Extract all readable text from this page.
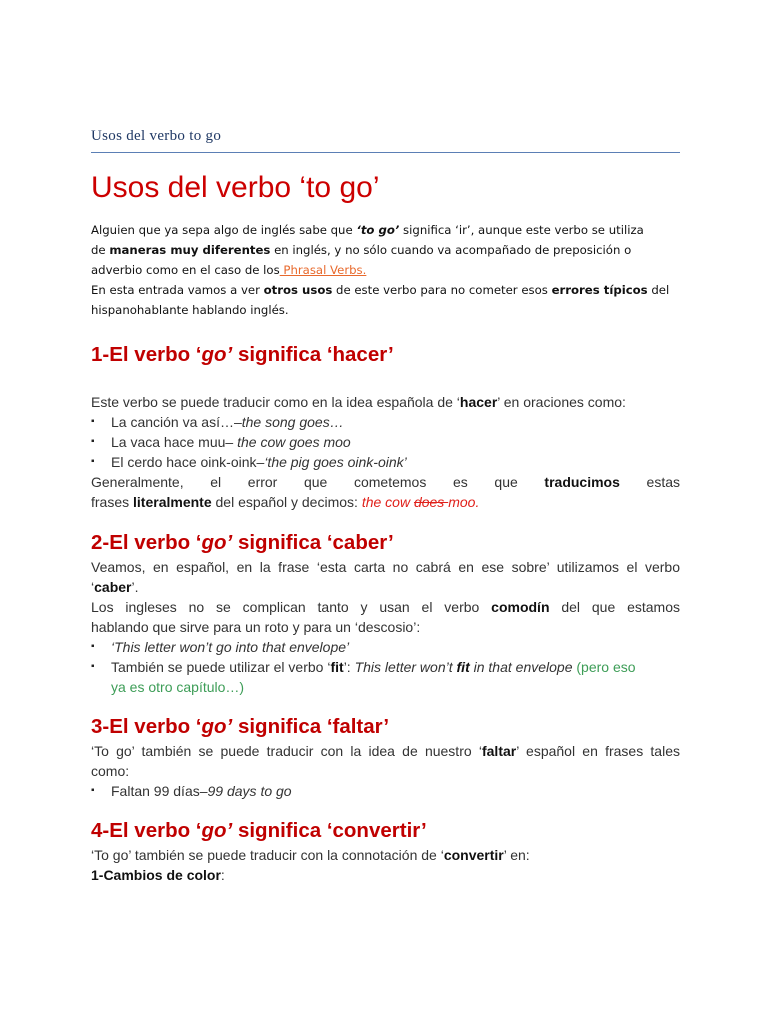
Usos del verbo to go
Usos del verbo ‘to go’
Alguien que ya sepa algo de inglés sabe que ‘to go’ significa ‘ir’, aunque este verbo se utiliza
de maneras muy diferentes en inglés, y no sólo cuando va acompañado de preposición o
adverbio como en el caso de los Phrasal Verbs.
En esta entrada vamos a ver otros usos de este verbo para no cometer esos errores típicos del
hispanohablante hablando inglés.
1-El verbo ‘go’ significa ‘hacer’

Este verbo se puede traducir como en la idea española de ‘hacer’ en oraciones como:

▪ La canción va así…–the song goes…
▪ La vaca hace muu– the cow goes moo
▪ El cerdo hace oink-oink–‘the pig goes oink-oink’

Generalmente, el error que cometemos es que traducimos estas

frases literalmente del español y decimos: the cow does moo.

2-El verbo ‘go’ significa ‘caber’

Veamos, en español, en la frase ‘esta carta no cabrá en ese sobre’ utilizamos el verbo

‘caber’.

Los ingleses no se complican tanto y usan el verbo comodín del que estamos

hablando que sirve para un roto y para un ‘descosio’:

▪ ‘This letter won’t go into that envelope’
▪ También se puede utilizar el verbo ‘fit’: This letter won’t fit in that envelope (pero eso
ya es otro capítulo…)
3-El verbo ‘go’ significa ‘faltar’

‘To go’ también se puede traducir con la idea de nuestro ‘faltar’ español en frases tales

como:

▪ Faltan 99 días–99 days to go
4-El verbo ‘go’ significa ‘convertir’

‘To go’ también se puede traducir con la connotación de ‘convertir’ en:

1-Cambios de color:
